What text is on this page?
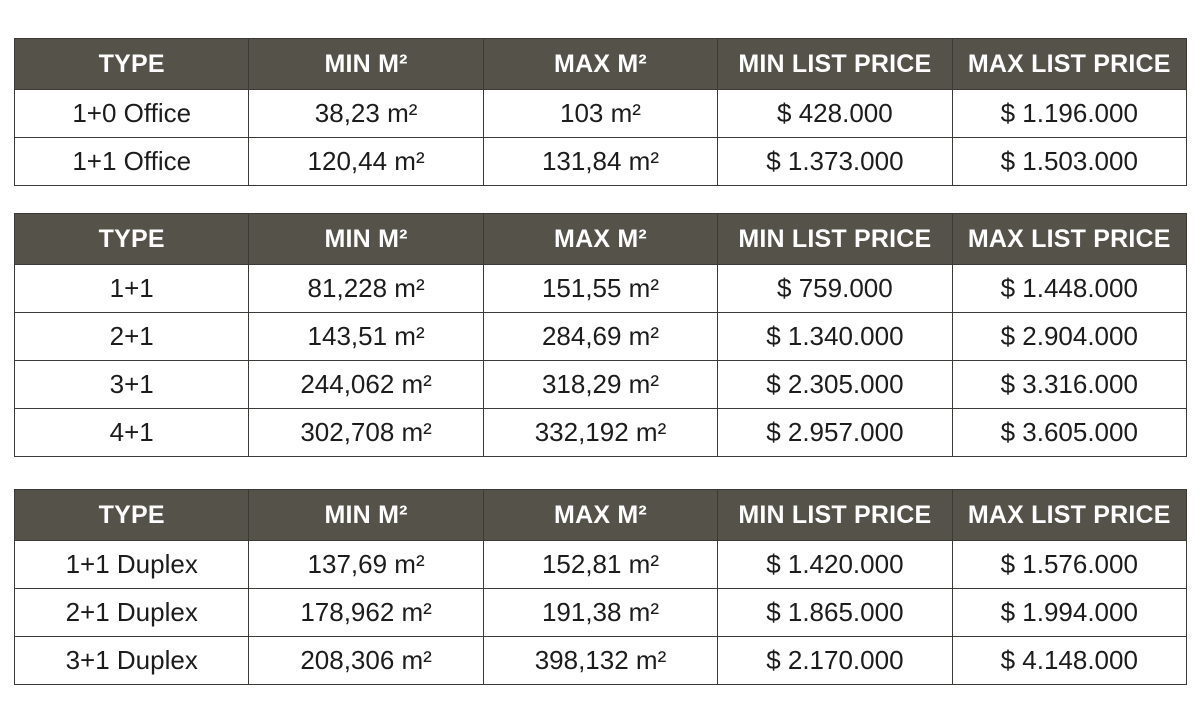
TYPE	MIN M²	MAX M²	MIN LIST PRICE	MAX LIST PRICE
1+0 Office	38,23 m²	103 m²	$ 428.000	$ 1.196.000
1+1 Office	120,44 m²	131,84 m²	$ 1.373.000	$ 1.503.000
TYPE	MIN M²	MAX M²	MIN LIST PRICE	MAX LIST PRICE
1+1	81,228 m²	151,55 m²	$ 759.000	$ 1.448.000
2+1	143,51 m²	284,69 m²	$ 1.340.000	$ 2.904.000
3+1	244,062 m²	318,29 m²	$ 2.305.000	$ 3.316.000
4+1	302,708 m²	332,192 m²	$ 2.957.000	$ 3.605.000
TYPE	MIN M²	MAX M²	MIN LIST PRICE	MAX LIST PRICE
1+1 Duplex	137,69 m²	152,81 m²	$ 1.420.000	$ 1.576.000
2+1 Duplex	178,962 m²	191,38 m²	$ 1.865.000	$ 1.994.000
3+1 Duplex	208,306 m²	398,132 m²	$ 2.170.000	$ 4.148.000
